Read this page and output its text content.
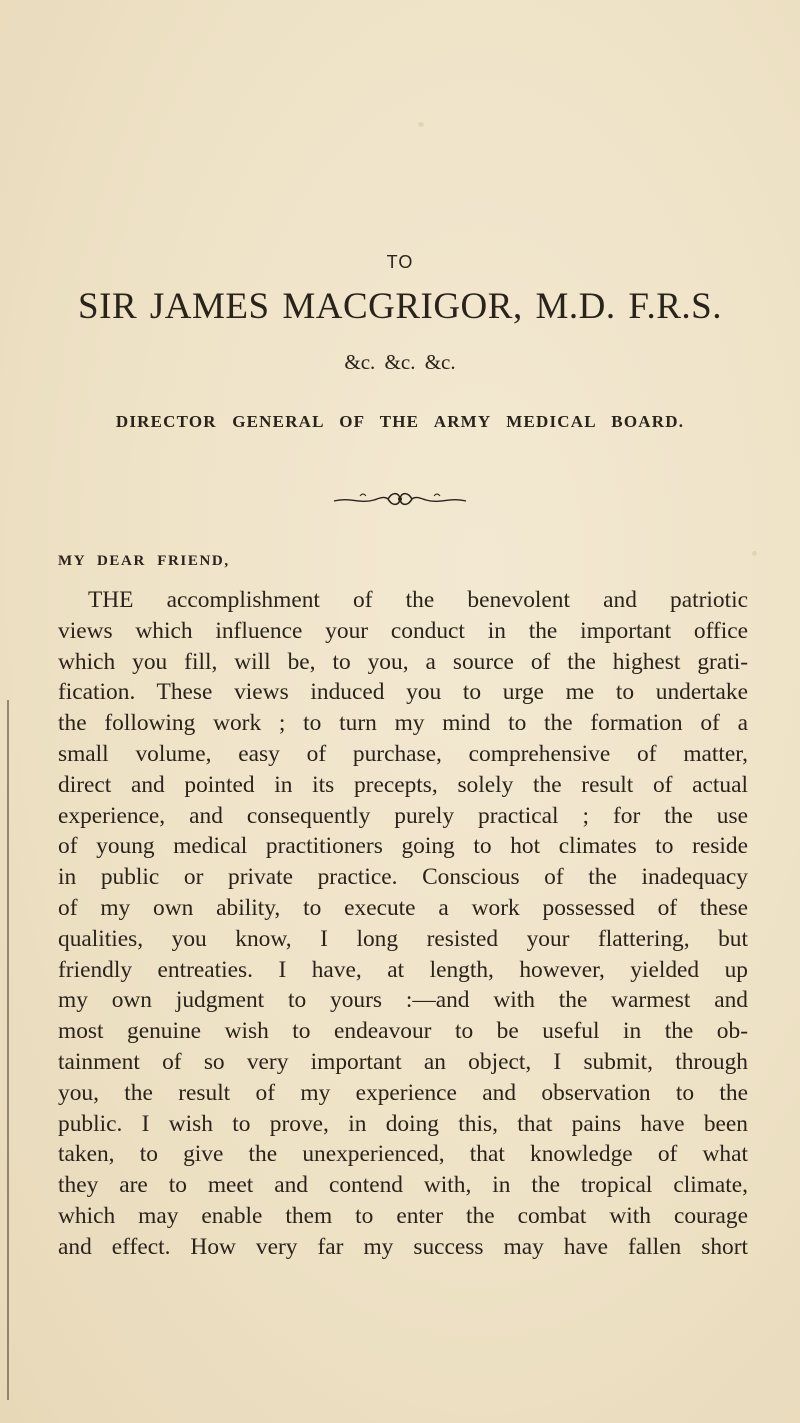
TO
SIR JAMES MACGRIGOR, M.D. F.R.S.
&c. &c. &c.
DIRECTOR GENERAL OF THE ARMY MEDICAL BOARD.
MY DEAR FRIEND,

THE accomplishment of the benevolent and patriotic

views which influence your conduct in the important office

which you fill, will be, to you, a source of the highest grati-

fication. These views induced you to urge me to undertake

the following work ; to turn my mind to the formation of a

small volume, easy of purchase, comprehensive of matter,

direct and pointed in its precepts, solely the result of actual

experience, and consequently purely practical ; for the use

of young medical practitioners going to hot climates to reside

in public or private practice. Conscious of the inadequacy

of my own ability, to execute a work possessed of these

qualities, you know, I long resisted your flattering, but

friendly entreaties. I have, at length, however, yielded up

my own judgment to yours :—and with the warmest and

most genuine wish to endeavour to be useful in the ob-

tainment of so very important an object, I submit, through

you, the result of my experience and observation to the

public. I wish to prove, in doing this, that pains have been

taken, to give the unexperienced, that knowledge of what

they are to meet and contend with, in the tropical climate,

which may enable them to enter the combat with courage

and effect. How very far my success may have fallen short
